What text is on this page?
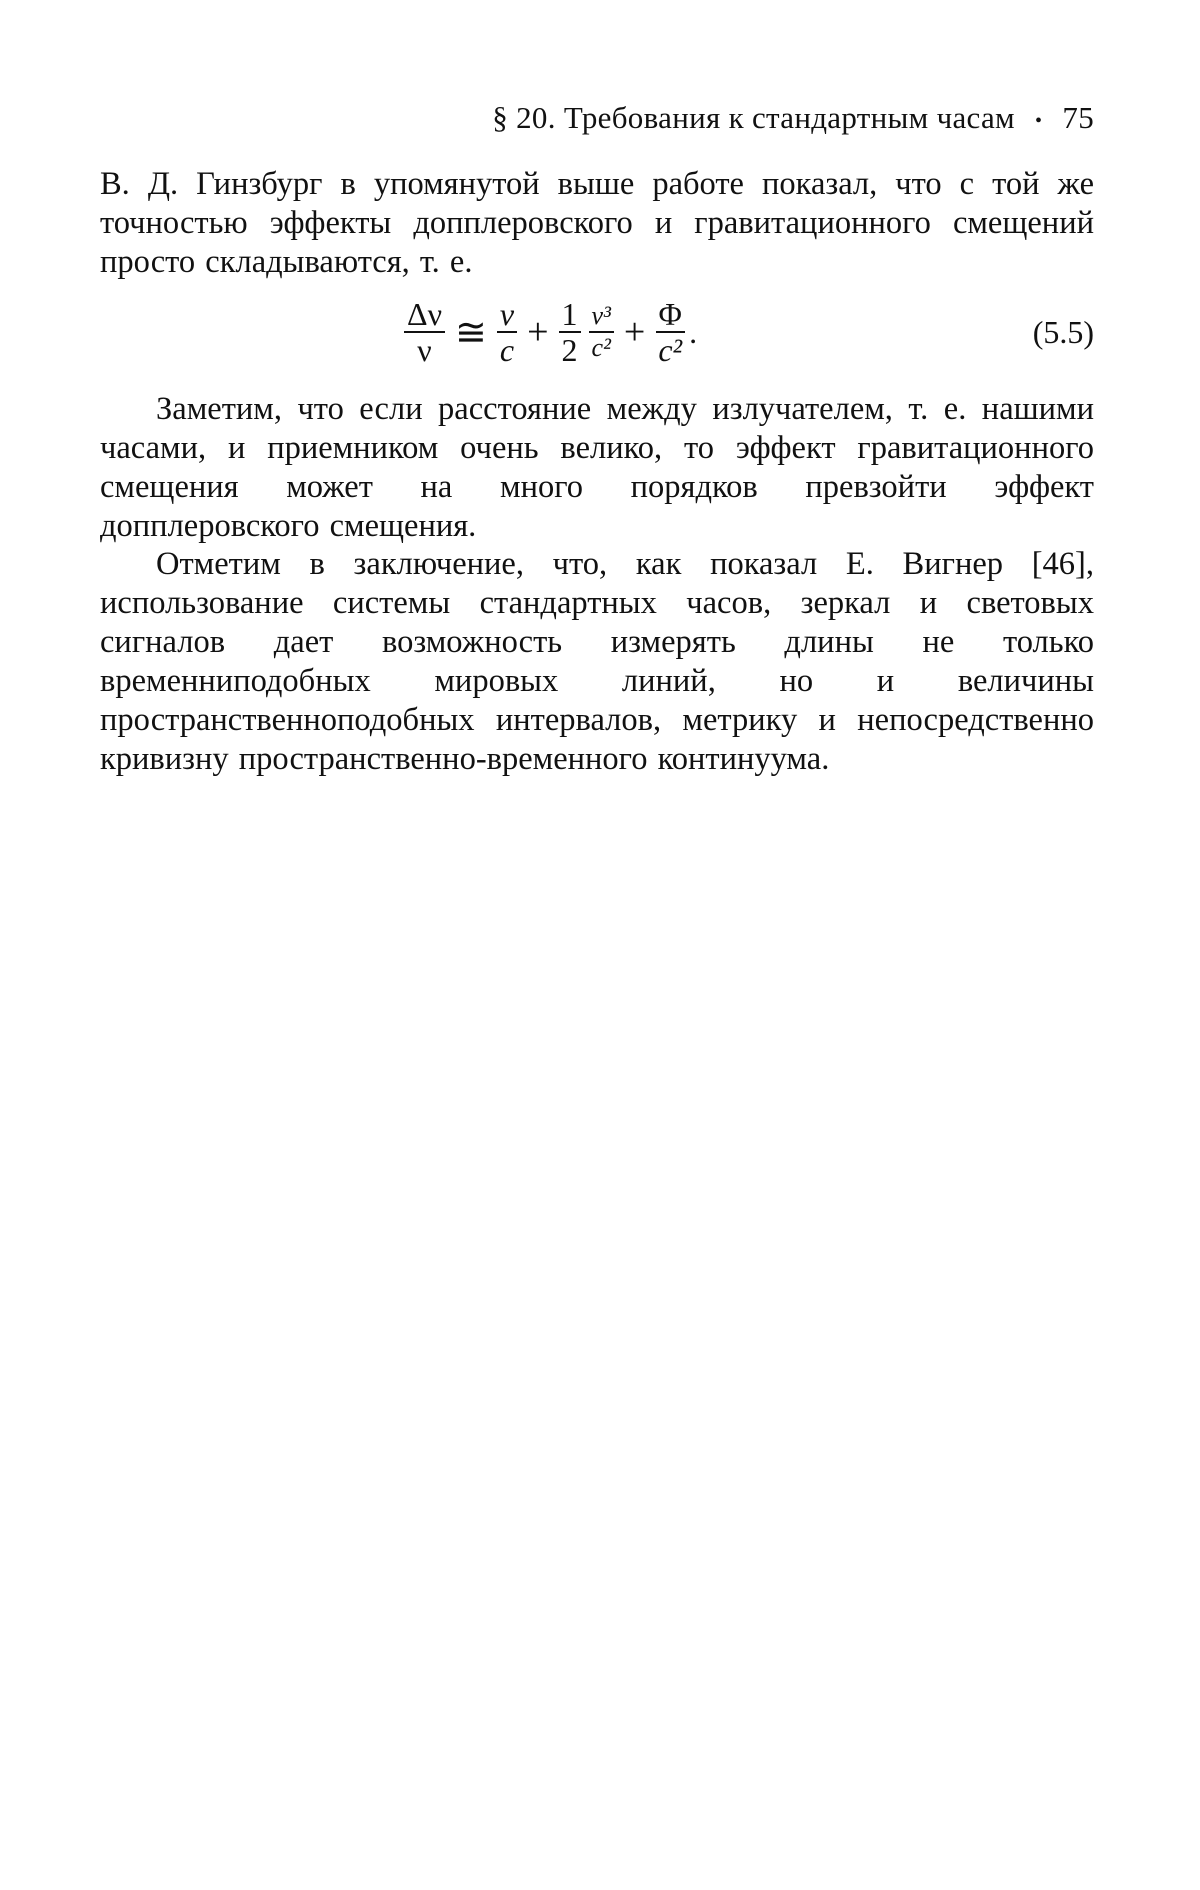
§ 20. Требования к стандартным часам • 75
В. Д. Гинзбург в упомянутой выше работе показал, что с той же точностью эффекты допплеровского и гравитационного смещений просто складываются, т. е.
$\frac{\Delta\nu}{\nu}$ ≅ $\frac{v}{c} + \frac{1}{2} \frac{\text{v³}}{\text{c²}} + \frac{\Phi}{\text{c²}}$ .	(5.5)
Заметим, что если расстояние между излучателем, т. е. нашими часами, и приемником очень велико, то эффект гравитационного смещения может на много порядков превзойти эффект допплеровского смещения.
Отметим в заключение, что, как показал Е. Вигнер [46], использование системы стандартных часов, зеркал и световых сигналов дает возможность измерять длины не только временниподобных мировых линий, но и величины пространственноподобных интервалов, метрику и непосредственно кривизну пространственно-временного континуума.
